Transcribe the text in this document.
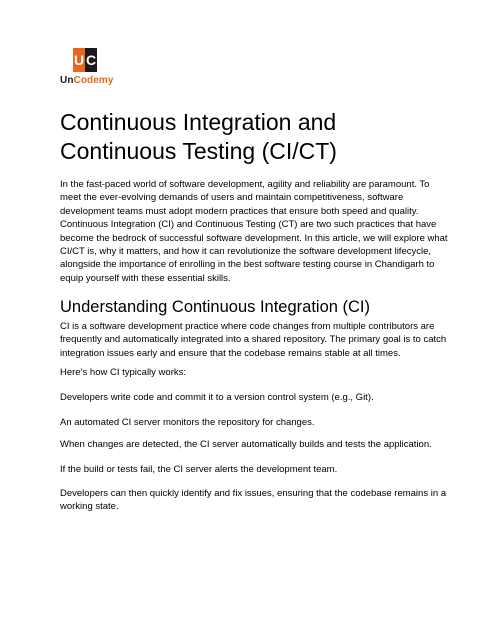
U C
UnCodemy
Continuous Integration and Continuous Testing (CI/CT)

In the fast-paced world of software development, agility and reliability are paramount. To meet the ever-evolving demands of users and maintain competitiveness, software development teams must adopt modern practices that ensure both speed and quality. Continuous Integration (CI) and Continuous Testing (CT) are two such practices that have become the bedrock of successful software development. In this article, we will explore what CI/CT is, why it matters, and how it can revolutionize the software development lifecycle, alongside the importance of enrolling in the best software testing course in Chandigarh to equip yourself with these essential skills.

Understanding Continuous Integration (CI)

CI is a software development practice where code changes from multiple contributors are frequently and automatically integrated into a shared repository. The primary goal is to catch integration issues early and ensure that the codebase remains stable at all times.

Here’s how CI typically works:

Developers write code and commit it to a version control system (e.g., Git).

An automated CI server monitors the repository for changes.

When changes are detected, the CI server automatically builds and tests the application.

If the build or tests fail, the CI server alerts the development team.

Developers can then quickly identify and fix issues, ensuring that the codebase remains in a working state.
